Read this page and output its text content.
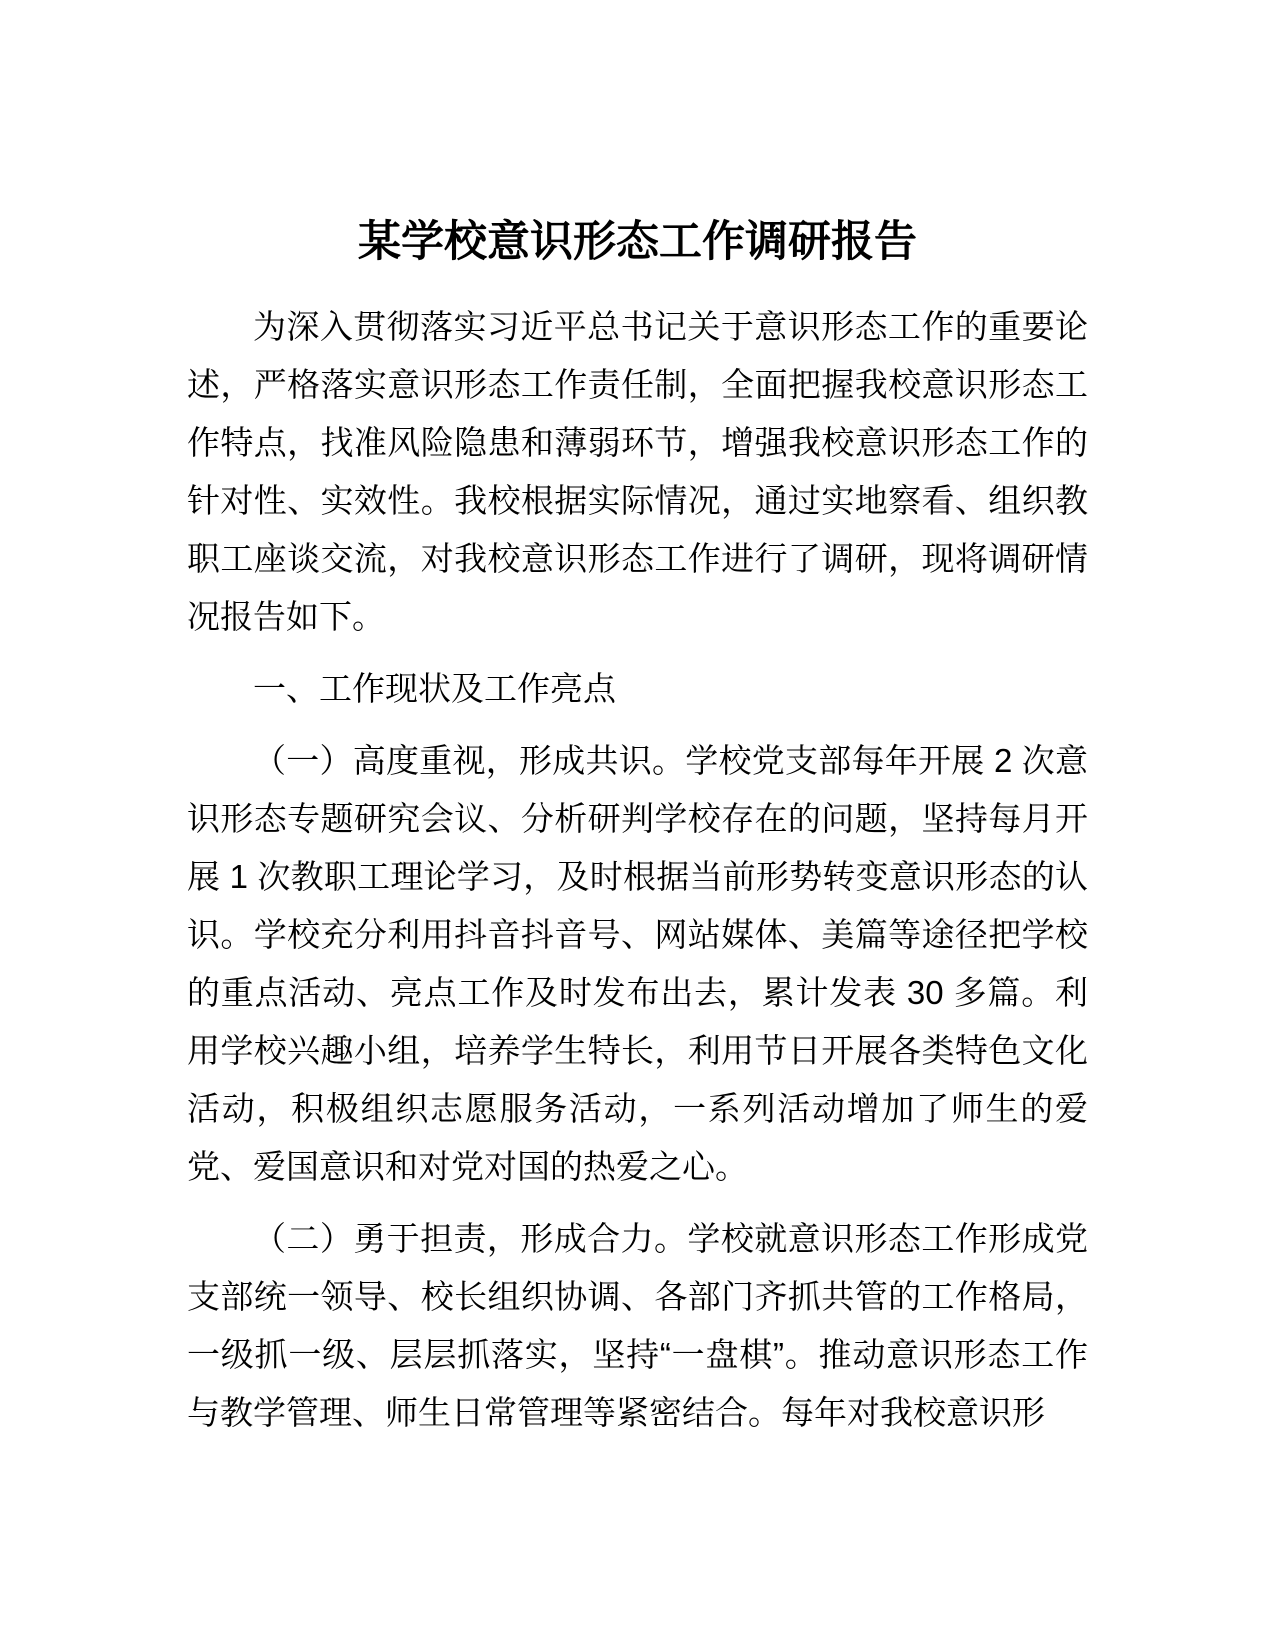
某学校意识形态工作调研报告

为深入贯彻落实习近平总书记关于意识形态工作的重要论述，严格落实意识形态工作责任制，全面把握我校意识形态工作特点，找准风险隐患和薄弱环节，增强我校意识形态工作的针对性、实效性。我校根据实际情况，通过实地察看、组织教职工座谈交流，对我校意识形态工作进行了调研，现将调研情况报告如下。

一、工作现状及工作亮点

（一）高度重视，形成共识。学校党支部每年开展 2 次意识形态专题研究会议、分析研判学校存在的问题，坚持每月开展 1 次教职工理论学习，及时根据当前形势转变意识形态的认识。学校充分利用抖音抖音号、网站媒体、美篇等途径把学校的重点活动、亮点工作及时发布出去，累计发表 30 多篇。利用学校兴趣小组，培养学生特长，利用节日开展各类特色文化活动，积极组织志愿服务活动，一系列活动增加了师生的爱党、爱国意识和对党对国的热爱之心。

（二）勇于担责，形成合力。学校就意识形态工作形成党支部统一领导、校长组织协调、各部门齐抓共管的工作格局，一级抓一级、层层抓落实，坚持“一盘棋”。推动意识形态工作与教学管理、师生日常管理等紧密结合。每年对我校意识形
